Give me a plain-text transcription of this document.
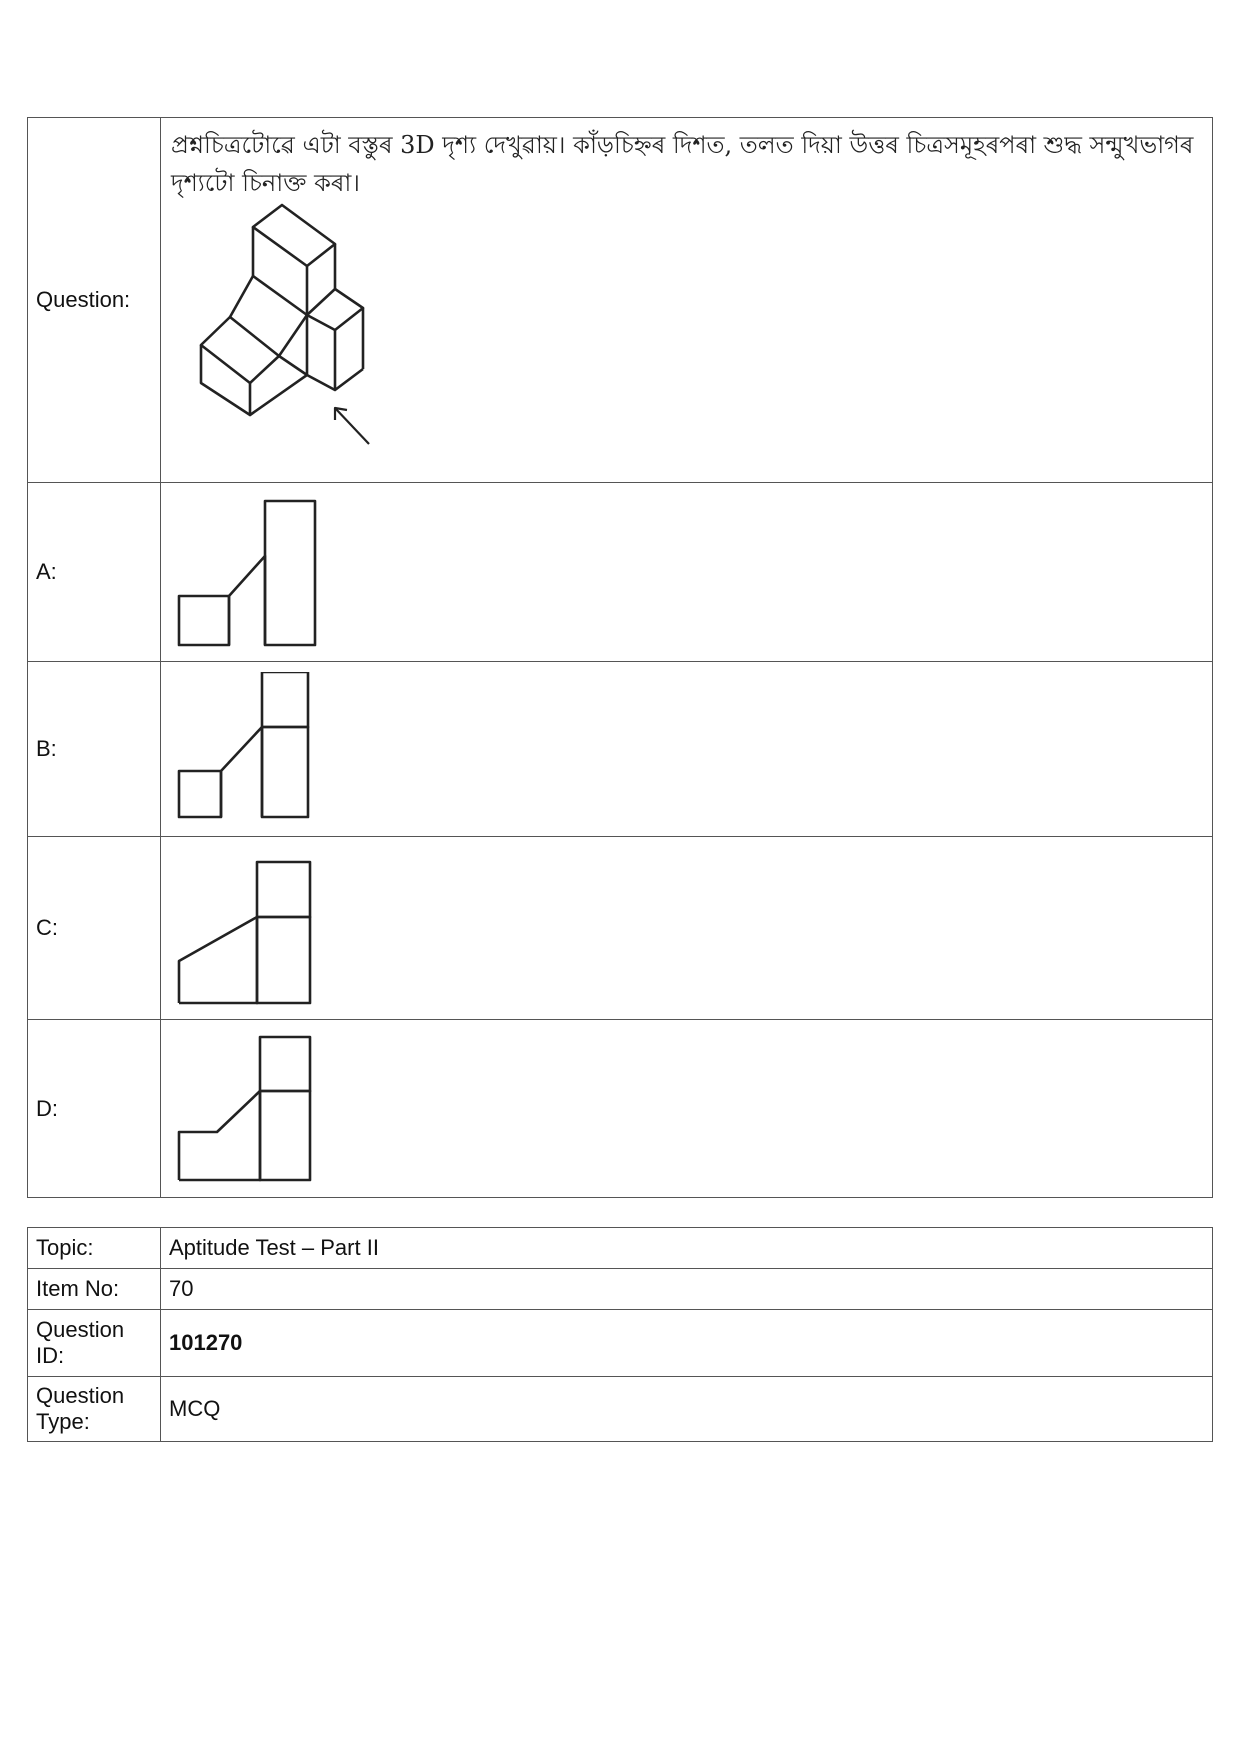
Question:	প্ৰশ্নচিত্ৰটোৱে এটা বস্তুৰ 3D দৃশ্য দেখুৱায়। কাঁড়চিহ্নৰ দিশত, তলত দিয়া উত্তৰ চিত্ৰসমূহৰপৰা শুদ্ধ সন্মুখভাগৰ দৃশ্যটো চিনাক্ত কৰা।

A:	

B:	

C:	

D:	
Topic:	Aptitude Test – Part II
Item No:	70
Question ID:	101270
Question Type:	MCQ
